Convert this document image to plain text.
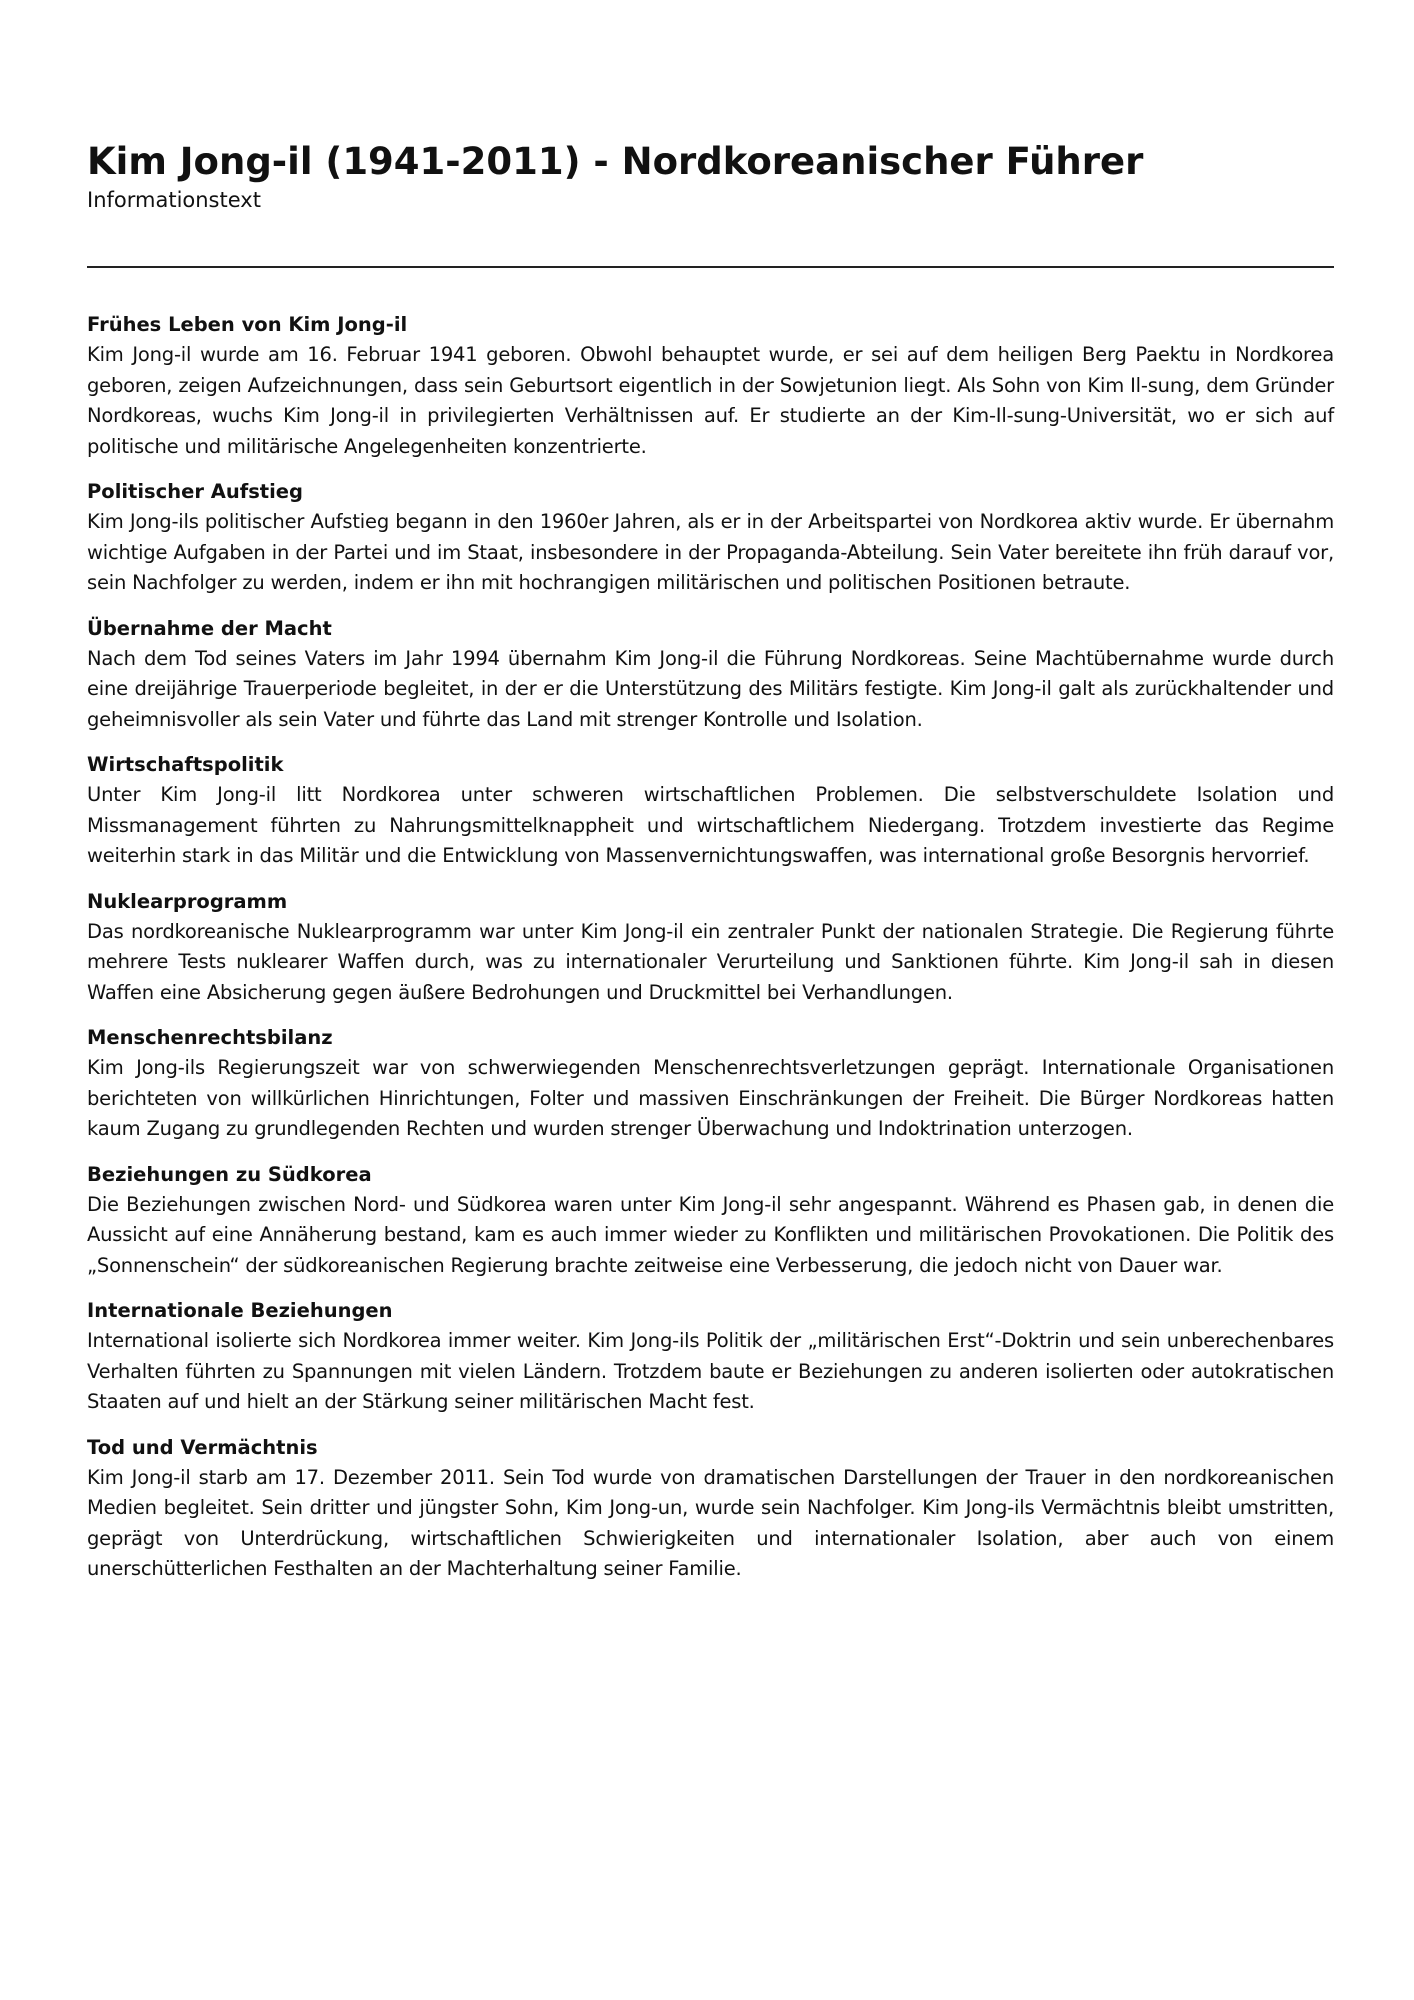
Kim Jong-il (1941-2011) - Nordkoreanischer Führer

Informationstext

Frühes Leben von Kim Jong-il

Kim Jong-il wurde am 16. Februar 1941 geboren. Obwohl behauptet wurde, er sei auf dem heiligen Berg Paektu in Nordkorea geboren, zeigen Aufzeichnungen, dass sein Geburtsort eigentlich in der Sowjetunion liegt. Als Sohn von Kim Il-sung, dem Gründer Nordkoreas, wuchs Kim Jong-il in privilegierten Verhältnissen auf. Er studierte an der Kim-Il-sung-Universität, wo er sich auf politische und militärische Angelegenheiten konzentrierte.

Politischer Aufstieg

Kim Jong-ils politischer Aufstieg begann in den 1960er Jahren, als er in der Arbeitspartei von Nordkorea aktiv wurde. Er übernahm wichtige Aufgaben in der Partei und im Staat, insbesondere in der Propaganda-Abteilung. Sein Vater bereitete ihn früh darauf vor, sein Nachfolger zu werden, indem er ihn mit hochrangigen militärischen und politischen Positionen betraute.

Übernahme der Macht

Nach dem Tod seines Vaters im Jahr 1994 übernahm Kim Jong-il die Führung Nordkoreas. Seine Machtübernahme wurde durch eine dreijährige Trauerperiode begleitet, in der er die Unterstützung des Militärs festigte. Kim Jong-il galt als zurückhaltender und geheimnisvoller als sein Vater und führte das Land mit strenger Kontrolle und Isolation.

Wirtschaftspolitik

Unter Kim Jong-il litt Nordkorea unter schweren wirtschaftlichen Problemen. Die selbstverschuldete Isolation und Missmanagement führten zu Nahrungsmittelknappheit und wirtschaftlichem Niedergang. Trotzdem investierte das Regime weiterhin stark in das Militär und die Entwicklung von Massenvernichtungswaffen, was international große Besorgnis hervorrief.

Nuklearprogramm

Das nordkoreanische Nuklearprogramm war unter Kim Jong-il ein zentraler Punkt der nationalen Strategie. Die Regierung führte mehrere Tests nuklearer Waffen durch, was zu internationaler Verurteilung und Sanktionen führte. Kim Jong-il sah in diesen Waffen eine Absicherung gegen äußere Bedrohungen und Druckmittel bei Verhandlungen.

Menschenrechtsbilanz

Kim Jong-ils Regierungszeit war von schwerwiegenden Menschenrechtsverletzungen geprägt. Internationale Organisationen berichteten von willkürlichen Hinrichtungen, Folter und massiven Einschränkungen der Freiheit. Die Bürger Nordkoreas hatten kaum Zugang zu grundlegenden Rechten und wurden strenger Überwachung und Indoktrination unterzogen.

Beziehungen zu Südkorea

Die Beziehungen zwischen Nord- und Südkorea waren unter Kim Jong-il sehr angespannt. Während es Phasen gab, in denen die Aussicht auf eine Annäherung bestand, kam es auch immer wieder zu Konflikten und militärischen Provokationen. Die Politik des „Sonnenschein“ der südkoreanischen Regierung brachte zeitweise eine Verbesserung, die jedoch nicht von Dauer war.

Internationale Beziehungen

International isolierte sich Nordkorea immer weiter. Kim Jong-ils Politik der „militärischen Erst“-Doktrin und sein unberechenbares Verhalten führten zu Spannungen mit vielen Ländern. Trotzdem baute er Beziehungen zu anderen isolierten oder autokratischen Staaten auf und hielt an der Stärkung seiner militärischen Macht fest.

Tod und Vermächtnis

Kim Jong-il starb am 17. Dezember 2011. Sein Tod wurde von dramatischen Darstellungen der Trauer in den nordkoreanischen Medien begleitet. Sein dritter und jüngster Sohn, Kim Jong-un, wurde sein Nachfolger. Kim Jong-ils Vermächtnis bleibt umstritten, geprägt von Unterdrückung, wirtschaftlichen Schwierigkeiten und internationaler Isolation, aber auch von einem unerschütterlichen Festhalten an der Machterhaltung seiner Familie.
